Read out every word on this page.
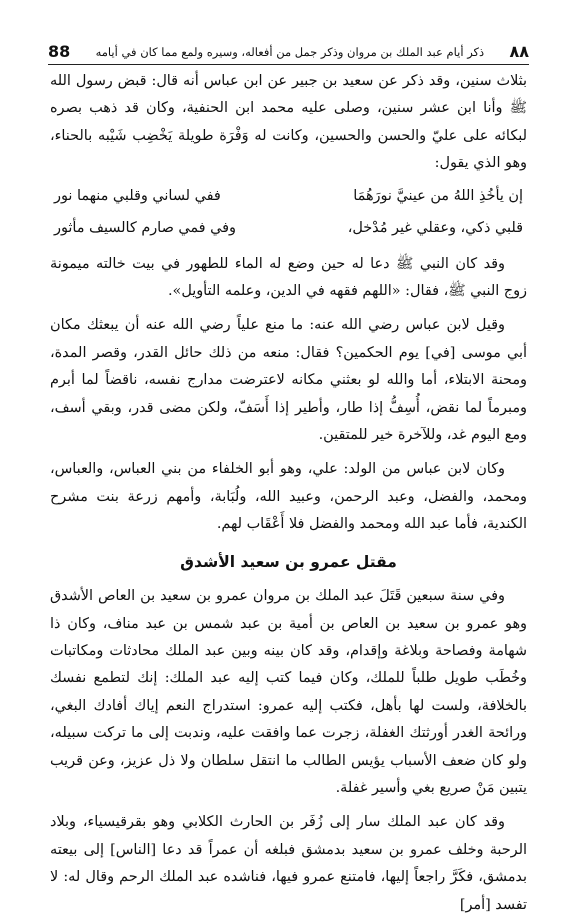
٨٨
ذكر أيام عبد الملك بن مروان وذكر جمل من أفعاله، وسيره ولمع مما كان في أيامه
88

بثلاث سنين، وقد ذكر عن سعيد بن جبير عن ابن عباس أنه قال: قبض رسول الله ﷺ وأنا ابن عشر سنين، وصلى عليه محمد ابن الحنفية، وكان قد ذهب بصره لبكائه على عليّ والحسن والحسين، وكانت له وَفْرَة طويلة يَخْضِب شَيْبه بالحناء، وهو الذي يقول:

إن يأخُذِ اللهُ من عينيَّ نورَهُمَا
ففي لساني وقلبي منهما نور
قلبي ذكي، وعقلي غير مُدْخل،
وفي فمي صارم كالسيف مأثور

وقد كان النبي ﷺ دعا له حين وضع له الماء للطهور في بيت خالته ميمونة زوج النبي ﷺ، فقال: «اللهم فقهه في الدين، وعلمه التأويل».

وقيل لابن عباس رضي الله عنه: ما منع علياً رضي الله عنه أن يبعثك مكان أبي موسى [في] يوم الحكمين؟ فقال: منعه من ذلك حائل القدر، وقصر المدة، ومحنة الابتلاء، أما والله لو بعثني مكانه لاعترضت مدارج نفسه، ناقضاً لما أبرم ومبرماً لما نقض، أُسِفُّ إذا طار، وأطير إذا أَسَفّ، ولكن مضى قدر، وبقي أسف، ومع اليوم غد، وللآخرة خير للمتقين.

وكان لابن عباس من الولد: علي، وهو أبو الخلفاء من بني العباس، والعباس، ومحمد، والفضل، وعبد الرحمن، وعبيد الله، ولُبَابة، وأمهم زرعة بنت مشرح الكندية، فأما عبد الله ومحمد والفضل فلا أَعْقَاب لهم.

مقتل عمرو بن سعيد الأشدق

وفي سنة سبعين قَتَلَ عبد الملك بن مروان عمرو بن سعيد بن العاص الأشدق وهو عمرو بن سعيد بن العاص بن أمية بن عبد شمس بن عبد مناف، وكان ذا شهامة وفصاحة وبلاغة وإقدام، وقد كان بينه وبين عبد الملك محادثات ومكاتبات وخُطَب طويل طلباً للملك، وكان فيما كتب إليه عبد الملك: إنك لتطمع نفسك بالخلافة، ولست لها بأهل، فكتب إليه عمرو: استدراج النعم إياك أفادك البغي، ورائحة الغدر أورثتك الغفلة، زجرت عما وافقت عليه، وندبت إلى ما تركت سبيله، ولو كان ضعف الأسباب يؤيس الطالب ما انتقل سلطان ولا ذل عزيز، وعن قريب يتبين مَنْ صريع بغي وأسير غفلة.

وقد كان عبد الملك سار إلى زُفَر بن الحارث الكلابي وهو بقرقيسياء، وبلاد الرحبة وخلف عمرو بن سعيد بدمشق فبلغه أن عمراً قد دعا [الناس] إلى بيعته بدمشق، فكَرَّ راجعاً إليها، فامتنع عمرو فيها، فناشده عبد الملك الرحم وقال له: لا تفسد [أمر]
